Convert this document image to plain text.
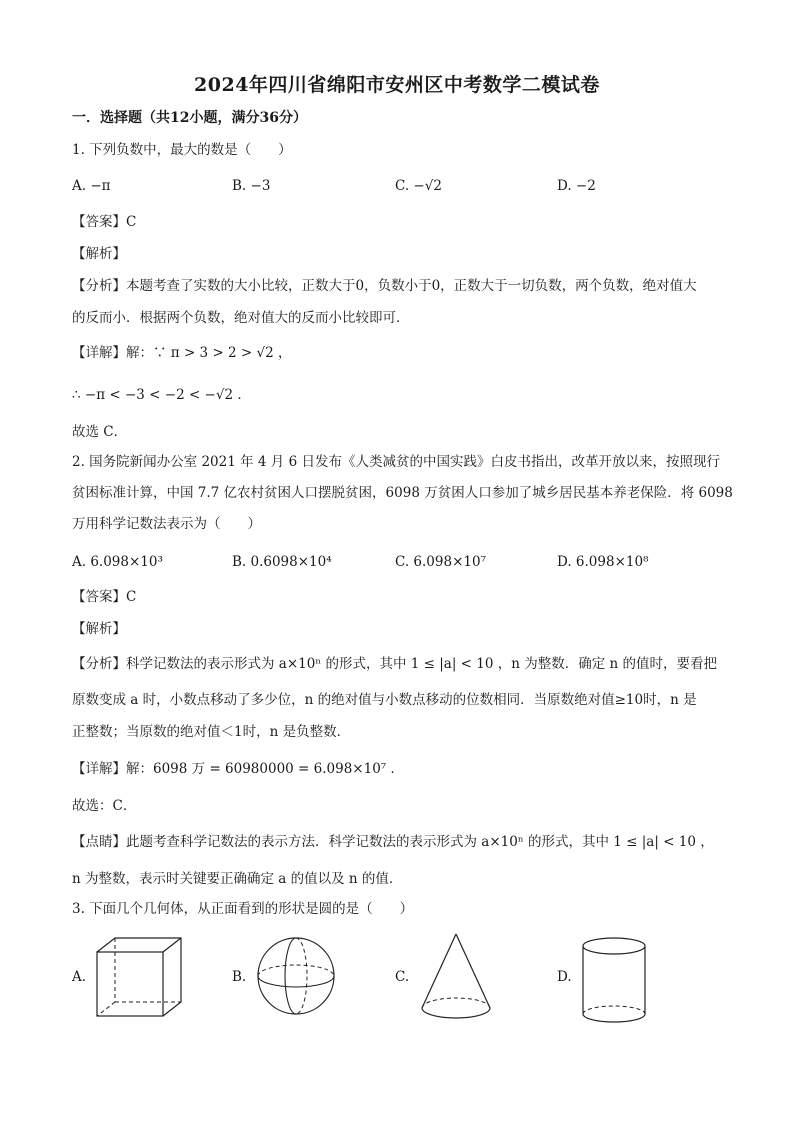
2024年四川省绵阳市安州区中考数学二模试卷
一．选择题（共12小题，满分36分）
1. 下列负数中，最大的数是（　　）
A. −π	B. −3	C. −√2	D. −2
【答案】C
【解析】
【分析】本题考查了实数的大小比较，正数大于0，负数小于0，正数大于一切负数，两个负数，绝对值大
的反而小．根据两个负数，绝对值大的反而小比较即可．
【详解】解：∵ π > 3 > 2 > √2 ，
∴ −π < −3 < −2 < −√2 ．
故选 C．
2. 国务院新闻办公室 2021 年 4 月 6 日发布《人类减贫的中国实践》白皮书指出，改革开放以来，按照现行
贫困标准计算，中国 7.7 亿农村贫困人口摆脱贫困，6098 万贫困人口参加了城乡居民基本养老保险．将 6098
万用科学记数法表示为（　　）
A. 6.098×10³	B. 0.6098×10⁴	C. 6.098×10⁷	D. 6.098×10⁸
【答案】C
【解析】
【分析】科学记数法的表示形式为 a×10ⁿ 的形式，其中 1 ≤ |a| < 10 ，n 为整数．确定 n 的值时，要看把
原数变成 a 时，小数点移动了多少位，n 的绝对值与小数点移动的位数相同．当原数绝对值≥10时，n 是
正整数；当原数的绝对值＜1时，n 是负整数．
【详解】解：6098 万 = 60980000 = 6.098×10⁷ ．
故选：C．
【点睛】此题考查科学记数法的表示方法．科学记数法的表示形式为 a×10ⁿ 的形式，其中 1 ≤ |a| < 10 ，
n 为整数，表示时关键要正确确定 a 的值以及 n 的值．
3. 下面几个几何体，从正面看到的形状是圆的是（　　）
A.	B.	C.	D.
